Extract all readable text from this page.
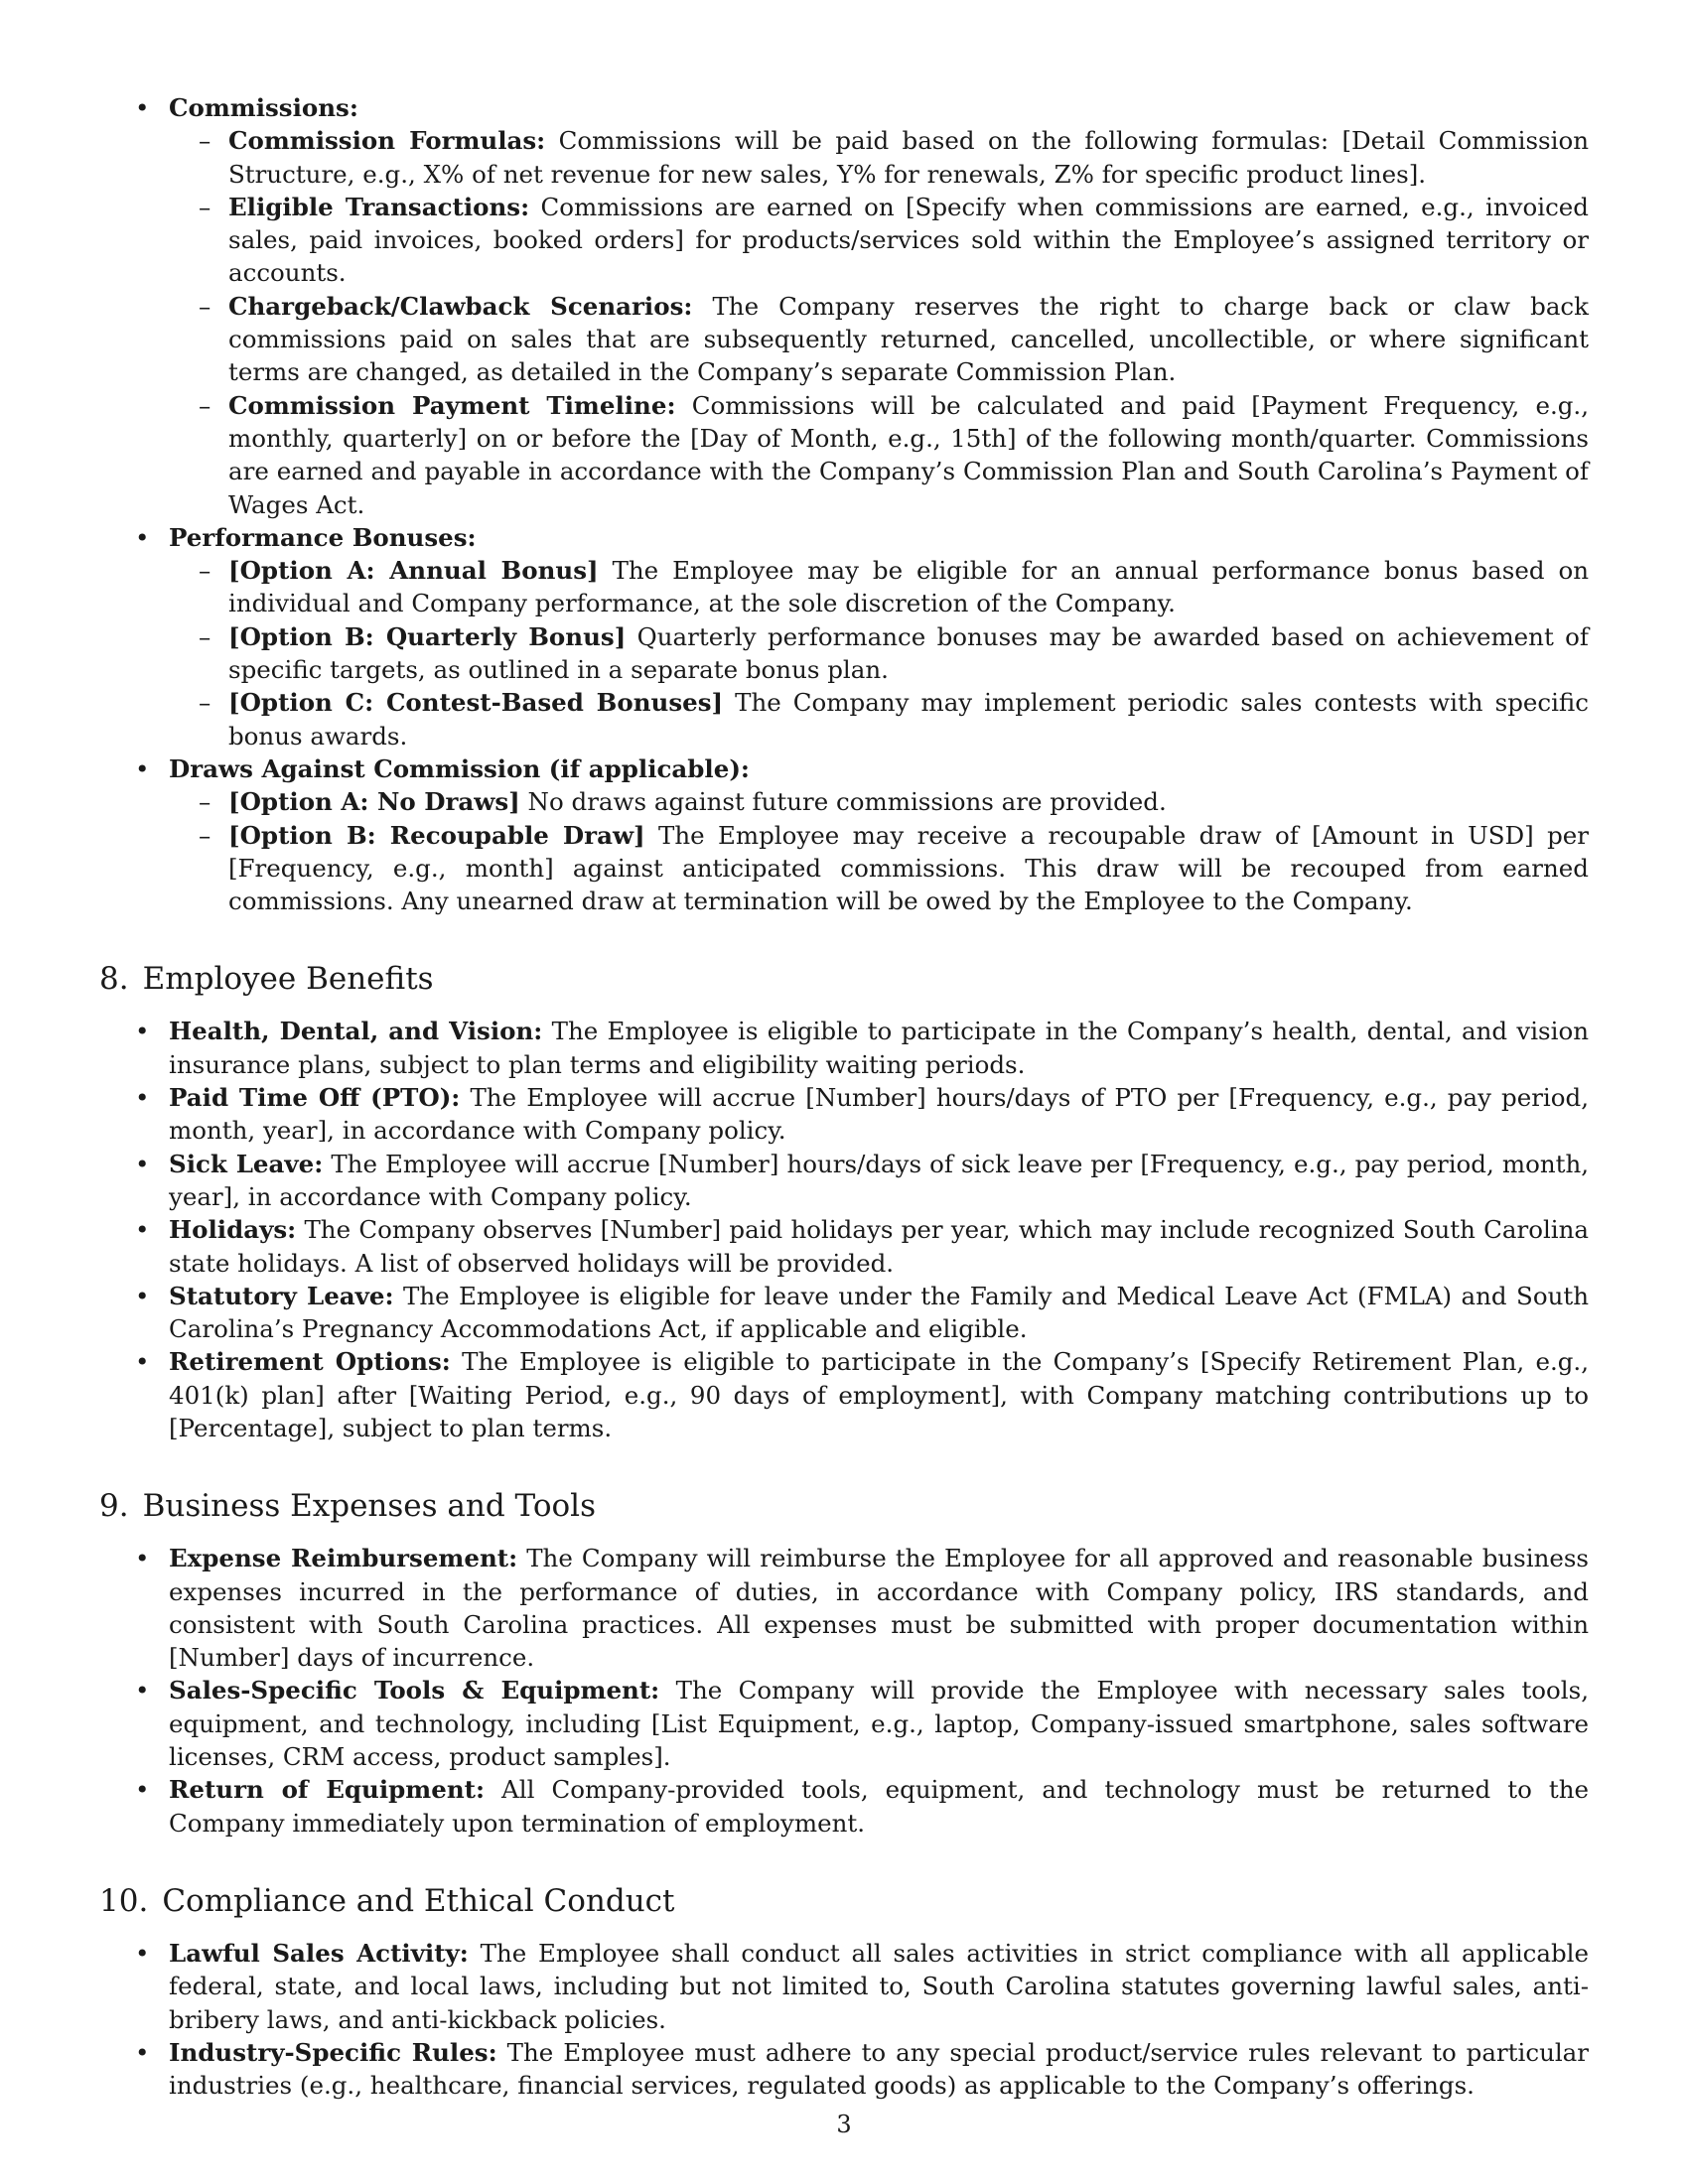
• Commissions:

– Commission Formulas: Commissions will be paid based on the following formulas: [Detail Commission Structure, e.g., X% of net revenue for new sales, Y% for renewals, Z% for specific product lines].

– Eligible Transactions: Commissions are earned on [Specify when commissions are earned, e.g., invoiced sales, paid invoices, booked orders] for products/services sold within the Employee’s assigned territory or accounts.

– Chargeback/Clawback Scenarios: The Company reserves the right to charge back or claw back commissions paid on sales that are subsequently returned, cancelled, uncollectible, or where significant terms are changed, as detailed in the Company’s separate Commission Plan.

– Commission Payment Timeline: Commissions will be calculated and paid [Payment Frequency, e.g., monthly, quarterly] on or before the [Day of Month, e.g., 15th] of the following month/quarter. Commissions are earned and payable in accordance with the Company’s Commission Plan and South Carolina’s Payment of Wages Act.

• Performance Bonuses:

– [Option A: Annual Bonus] The Employee may be eligible for an annual performance bonus based on individual and Company performance, at the sole discretion of the Company.

– [Option B: Quarterly Bonus] Quarterly performance bonuses may be awarded based on achievement of specific targets, as outlined in a separate bonus plan.

– [Option C: Contest-Based Bonuses] The Company may implement periodic sales contests with specific bonus awards.

• Draws Against Commission (if applicable):

– [Option A: No Draws] No draws against future commissions are provided.

– [Option B: Recoupable Draw] The Employee may receive a recoupable draw of [Amount in USD] per [Frequency, e.g., month] against anticipated commissions. This draw will be recouped from earned commissions. Any unearned draw at termination will be owed by the Employee to the Company.

8. Employee Benefits

• Health, Dental, and Vision: The Employee is eligible to participate in the Company’s health, dental, and vision insurance plans, subject to plan terms and eligibility waiting periods.

• Paid Time Off (PTO): The Employee will accrue [Number] hours/days of PTO per [Frequency, e.g., pay period, month, year], in accordance with Company policy.

• Sick Leave: The Employee will accrue [Number] hours/days of sick leave per [Frequency, e.g., pay period, month, year], in accordance with Company policy.

• Holidays: The Company observes [Number] paid holidays per year, which may include recognized South Carolina state holidays. A list of observed holidays will be provided.

• Statutory Leave: The Employee is eligible for leave under the Family and Medical Leave Act (FMLA) and South Carolina’s Pregnancy Accommodations Act, if applicable and eligible.

• Retirement Options: The Employee is eligible to participate in the Company’s [Specify Retirement Plan, e.g., 401(k) plan] after [Waiting Period, e.g., 90 days of employment], with Company matching contributions up to [Percentage], subject to plan terms.

9. Business Expenses and Tools

• Expense Reimbursement: The Company will reimburse the Employee for all approved and reasonable business expenses incurred in the performance of duties, in accordance with Company policy, IRS standards, and consistent with South Carolina practices. All expenses must be submitted with proper documentation within [Number] days of incurrence.

• Sales-Specific Tools & Equipment: The Company will provide the Employee with necessary sales tools, equipment, and technology, including [List Equipment, e.g., laptop, Company-issued smartphone, sales software licenses, CRM access, product samples].

• Return of Equipment: All Company-provided tools, equipment, and technology must be returned to the Company immediately upon termination of employment.

10. Compliance and Ethical Conduct

• Lawful Sales Activity: The Employee shall conduct all sales activities in strict compliance with all applicable federal, state, and local laws, including but not limited to, South Carolina statutes governing lawful sales, anti-bribery laws, and anti-kickback policies.

• Industry-Specific Rules: The Employee must adhere to any special product/service rules relevant to particular industries (e.g., healthcare, financial services, regulated goods) as applicable to the Company’s offerings.

3
